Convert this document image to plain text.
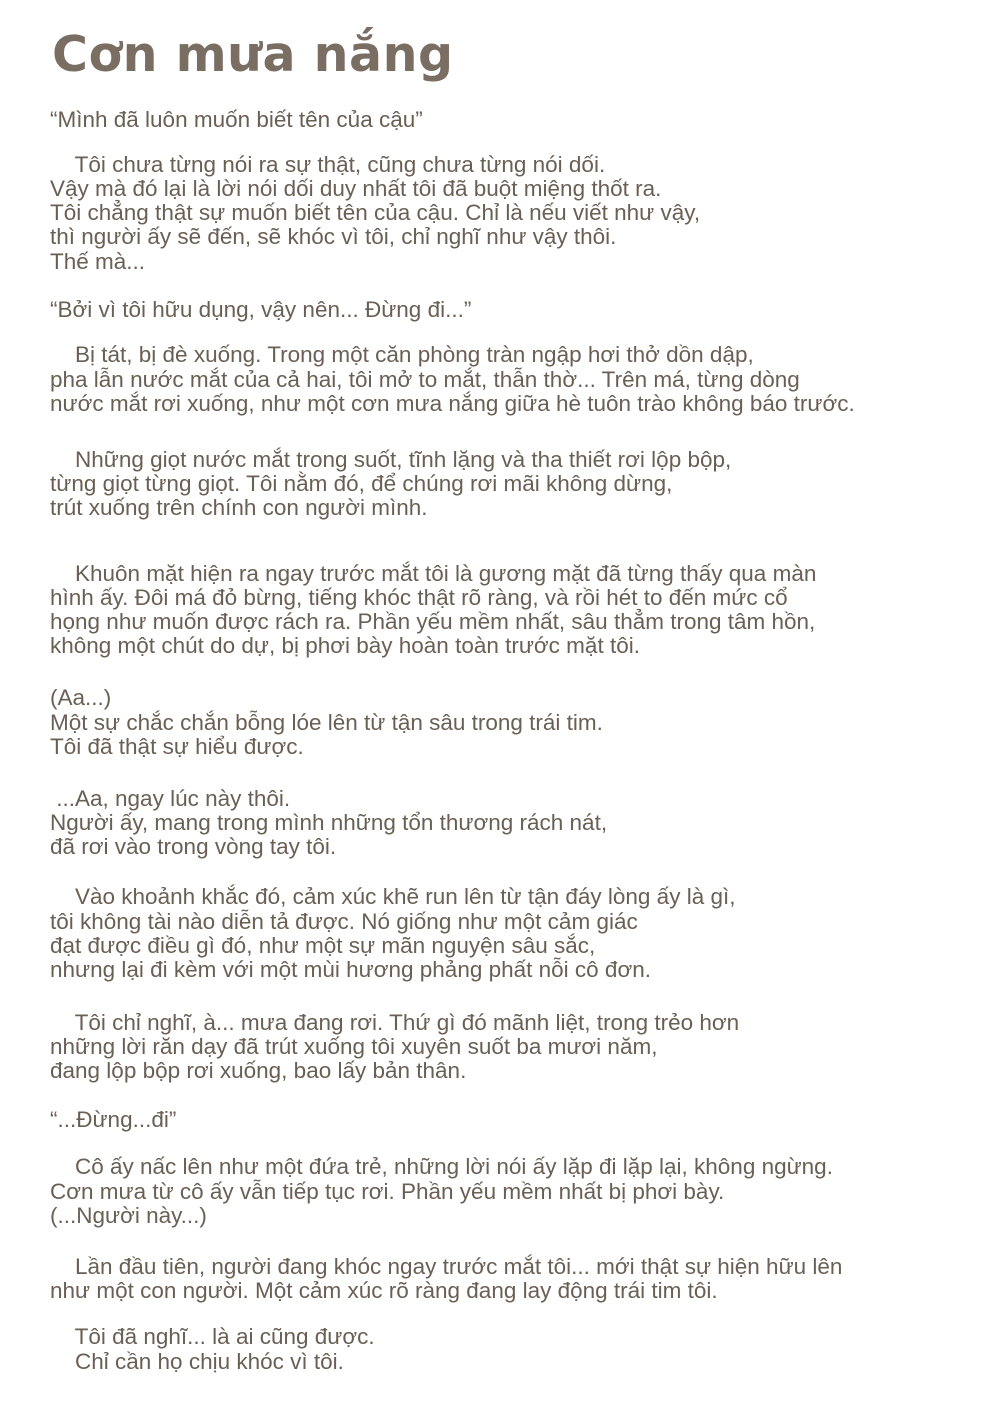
Cơn mưa nắng
“Mình đã luôn muốn biết tên của cậu”
Tôi chưa từng nói ra sự thật, cũng chưa từng nói dối.
Vậy mà đó lại là lời nói dối duy nhất tôi đã buột miệng thốt ra.
Tôi chẳng thật sự muốn biết tên của cậu. Chỉ là nếu viết như vậy,
thì người ấy sẽ đến, sẽ khóc vì tôi, chỉ nghĩ như vậy thôi.
Thế mà...
“Bởi vì tôi hữu dụng, vậy nên... Đừng đi...”
Bị tát, bị đè xuống. Trong một căn phòng tràn ngập hơi thở dồn dập,
pha lẫn nước mắt của cả hai, tôi mở to mắt, thẫn thờ... Trên má, từng dòng
nước mắt rơi xuống, như một cơn mưa nắng giữa hè tuôn trào không báo trước.
Những giọt nước mắt trong suốt, tĩnh lặng và tha thiết rơi lộp bộp,
từng giọt từng giọt. Tôi nằm đó, để chúng rơi mãi không dừng,
trút xuống trên chính con người mình.
Khuôn mặt hiện ra ngay trước mắt tôi là gương mặt đã từng thấy qua màn
hình ấy. Đôi má đỏ bừng, tiếng khóc thật rõ ràng, và rồi hét to đến mức cổ
họng như muốn được rách ra. Phần yếu mềm nhất, sâu thẳm trong tâm hồn,
không một chút do dự, bị phơi bày hoàn toàn trước mặt tôi.
(Aa...)
Một sự chắc chắn bỗng lóe lên từ tận sâu trong trái tim.
Tôi đã thật sự hiểu được.
...Aa, ngay lúc này thôi.
Người ấy, mang trong mình những tổn thương rách nát,
đã rơi vào trong vòng tay tôi.
Vào khoảnh khắc đó, cảm xúc khẽ run lên từ tận đáy lòng ấy là gì,
tôi không tài nào diễn tả được. Nó giống như một cảm giác
đạt được điều gì đó, như một sự mãn nguyện sâu sắc,
nhưng lại đi kèm với một mùi hương phảng phất nỗi cô đơn.
Tôi chỉ nghĩ, à... mưa đang rơi. Thứ gì đó mãnh liệt, trong trẻo hơn
những lời răn dạy đã trút xuống tôi xuyên suốt ba mươi năm,
đang lộp bộp rơi xuống, bao lấy bản thân.
“...Đừng...đi”
Cô ấy nấc lên như một đứa trẻ, những lời nói ấy lặp đi lặp lại, không ngừng.
Cơn mưa từ cô ấy vẫn tiếp tục rơi. Phần yếu mềm nhất bị phơi bày.
(...Người này...)
Lần đầu tiên, người đang khóc ngay trước mắt tôi... mới thật sự hiện hữu lên
như một con người. Một cảm xúc rõ ràng đang lay động trái tim tôi.
Tôi đã nghĩ... là ai cũng được.
Chỉ cần họ chịu khóc vì tôi.
